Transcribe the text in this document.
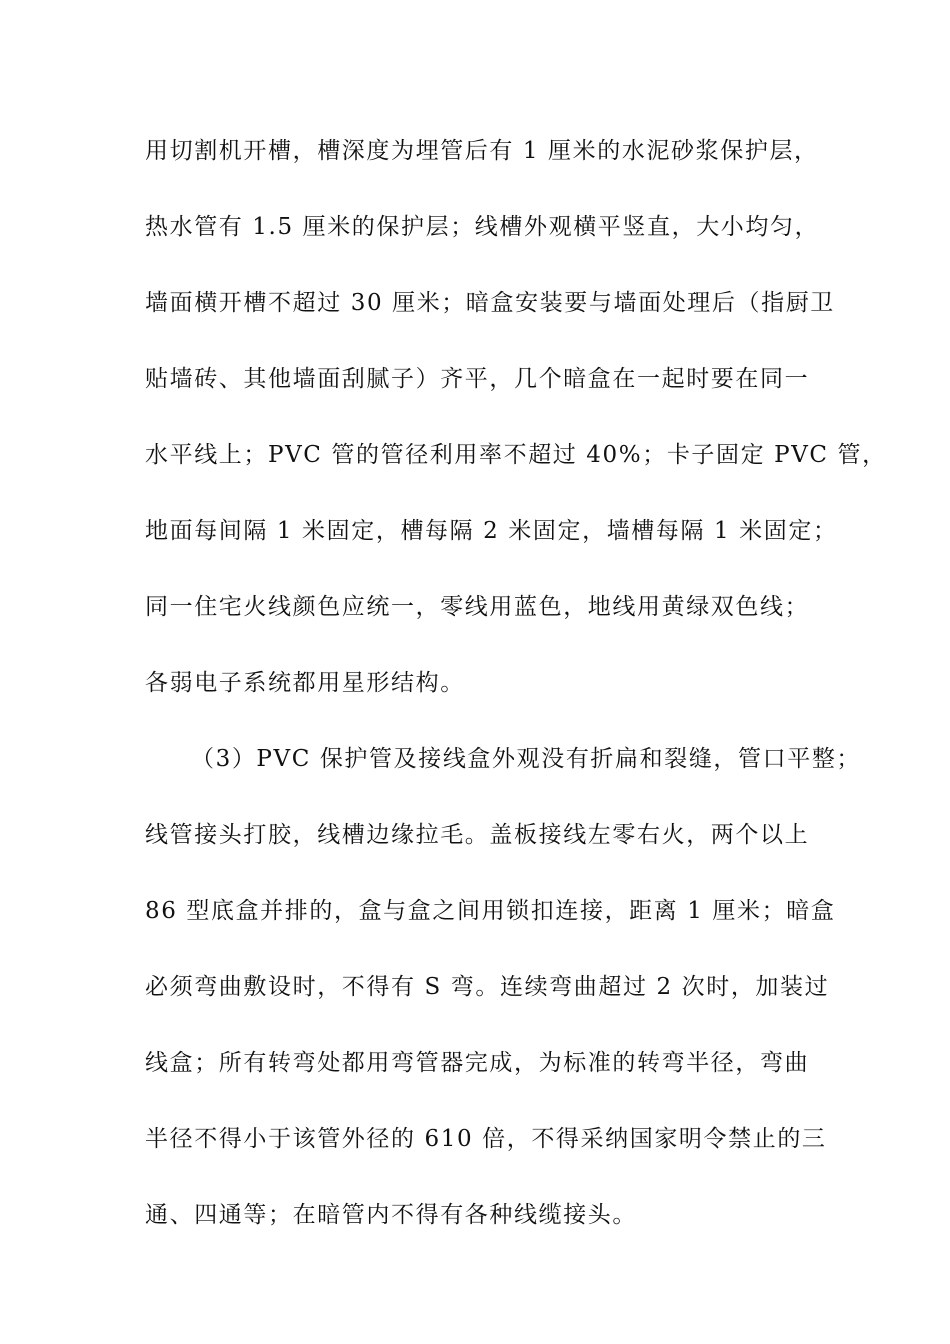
用切割机开槽，槽深度为埋管后有 1 厘米的水泥砂浆保护层，
热水管有 1.5 厘米的保护层；线槽外观横平竖直，大小均匀，
墙面横开槽不超过 30 厘米；暗盒安装要与墙面处理后（指厨卫
贴墙砖、其他墙面刮腻子）齐平，几个暗盒在一起时要在同一
水平线上；PVC 管的管径利用率不超过 40%；卡子固定 PVC 管，
地面每间隔 1 米固定，槽每隔 2 米固定，墙槽每隔 1 米固定；
同一住宅火线颜色应统一，零线用蓝色，地线用黄绿双色线；
各弱电子系统都用星形结构。
（3）PVC 保护管及接线盒外观没有折扁和裂缝，管口平整；
线管接头打胶，线槽边缘拉毛。盖板接线左零右火，两个以上
86 型底盒并排的，盒与盒之间用锁扣连接，距离 1 厘米；暗盒
必须弯曲敷设时，不得有 S 弯。连续弯曲超过 2 次时，加装过
线盒；所有转弯处都用弯管器完成，为标准的转弯半径，弯曲
半径不得小于该管外径的 610 倍，不得采纳国家明令禁止的三
通、四通等；在暗管内不得有各种线缆接头。
